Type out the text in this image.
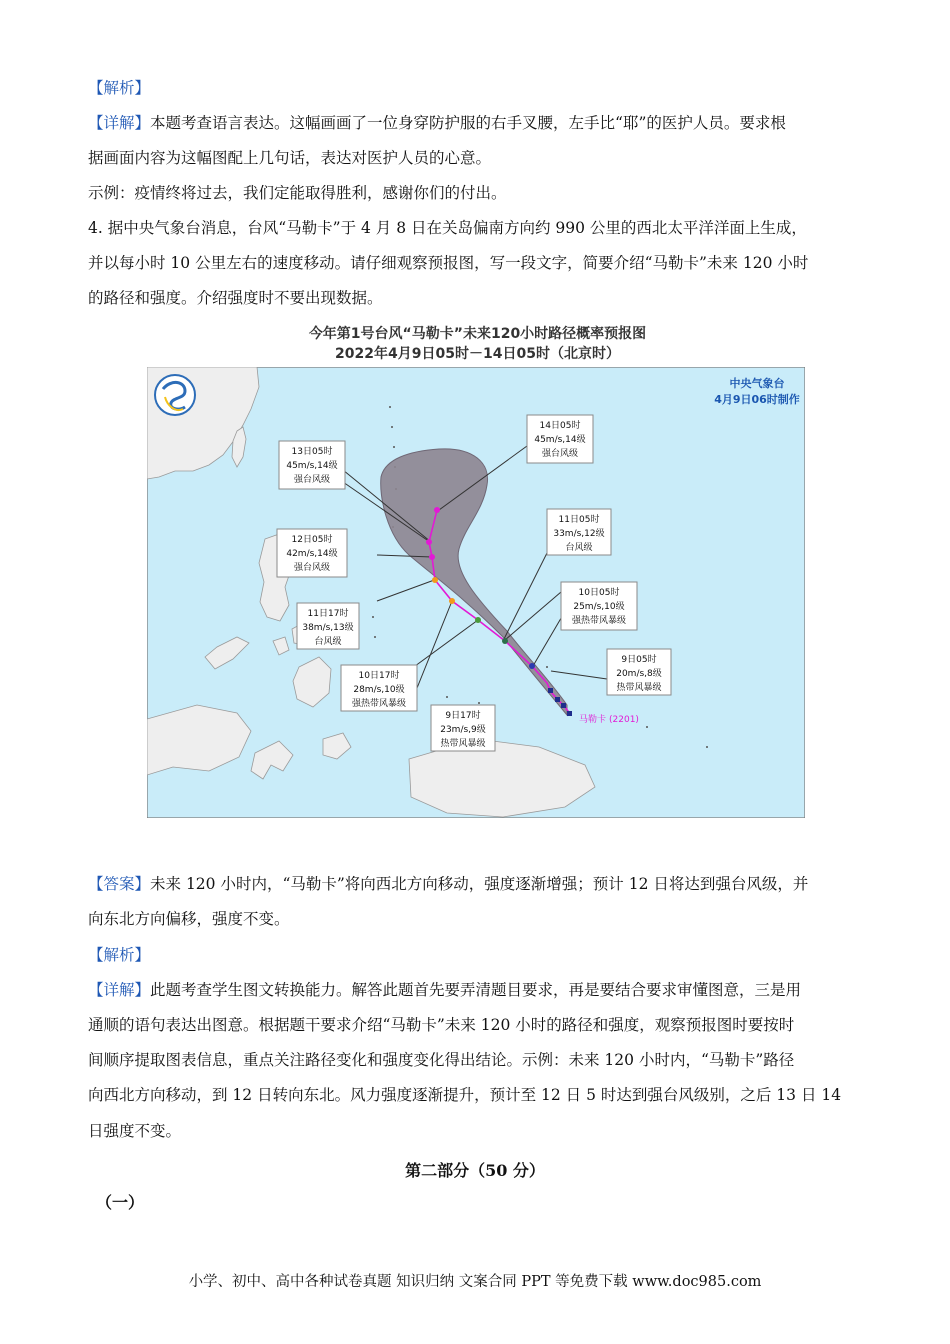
【解析】
【详解】本题考查语言表达。这幅画画了一位身穿防护服的右手叉腰，左手比“耶”的医护人员。要求根
据画面内容为这幅图配上几句话，表达对医护人员的心意。
示例：疫情终将过去，我们定能取得胜利，感谢你们的付出。
4. 据中央气象台消息，台风“马勒卡”于 4 月 8 日在关岛偏南方向约 990 公里的西北太平洋洋面上生成，
并以每小时 10 公里左右的速度移动。请仔细观察预报图，写一段文字，简要介绍“马勒卡”未来 120 小时
的路径和强度。介绍强度时不要出现数据。
今年第1号台风“马勒卡”未来120小时路径概率预报图
2022年4月9日05时－14日05时（北京时）
中央气象台
4月9日06时制作
马勒卡 (2201)
14日05时
45m/s,14级
强台风级
13日05时
45m/s,14级
强台风级
11日05时
33m/s,12级
台风级
12日05时
42m/s,14级
强台风级
10日05时
25m/s,10级
强热带风暴级
11日17时
38m/s,13级
台风级
9日05时
20m/s,8级
热带风暴级
10日17时
28m/s,10级
强热带风暴级
9日17时
23m/s,9级
热带风暴级
【答案】未来 120 小时内，“马勒卡”将向西北方向移动，强度逐渐增强；预计 12 日将达到强台风级，并
向东北方向偏移，强度不变。
【解析】
【详解】此题考查学生图文转换能力。解答此题首先要弄清题目要求，再是要结合要求审懂图意，三是用
通顺的语句表达出图意。根据题干要求介绍“马勒卡”未来 120 小时的路径和强度，观察预报图时要按时
间顺序提取图表信息，重点关注路径变化和强度变化得出结论。示例：未来 120 小时内，“马勒卡”路径
向西北方向移动，到 12 日转向东北。风力强度逐渐提升，预计至 12 日 5 时达到强台风级别，之后 13 日 14
日强度不变。
第二部分（50 分）
（一）
小学、初中、高中各种试卷真题 知识归纳 文案合同 PPT 等免费下载 www.doc985.com
